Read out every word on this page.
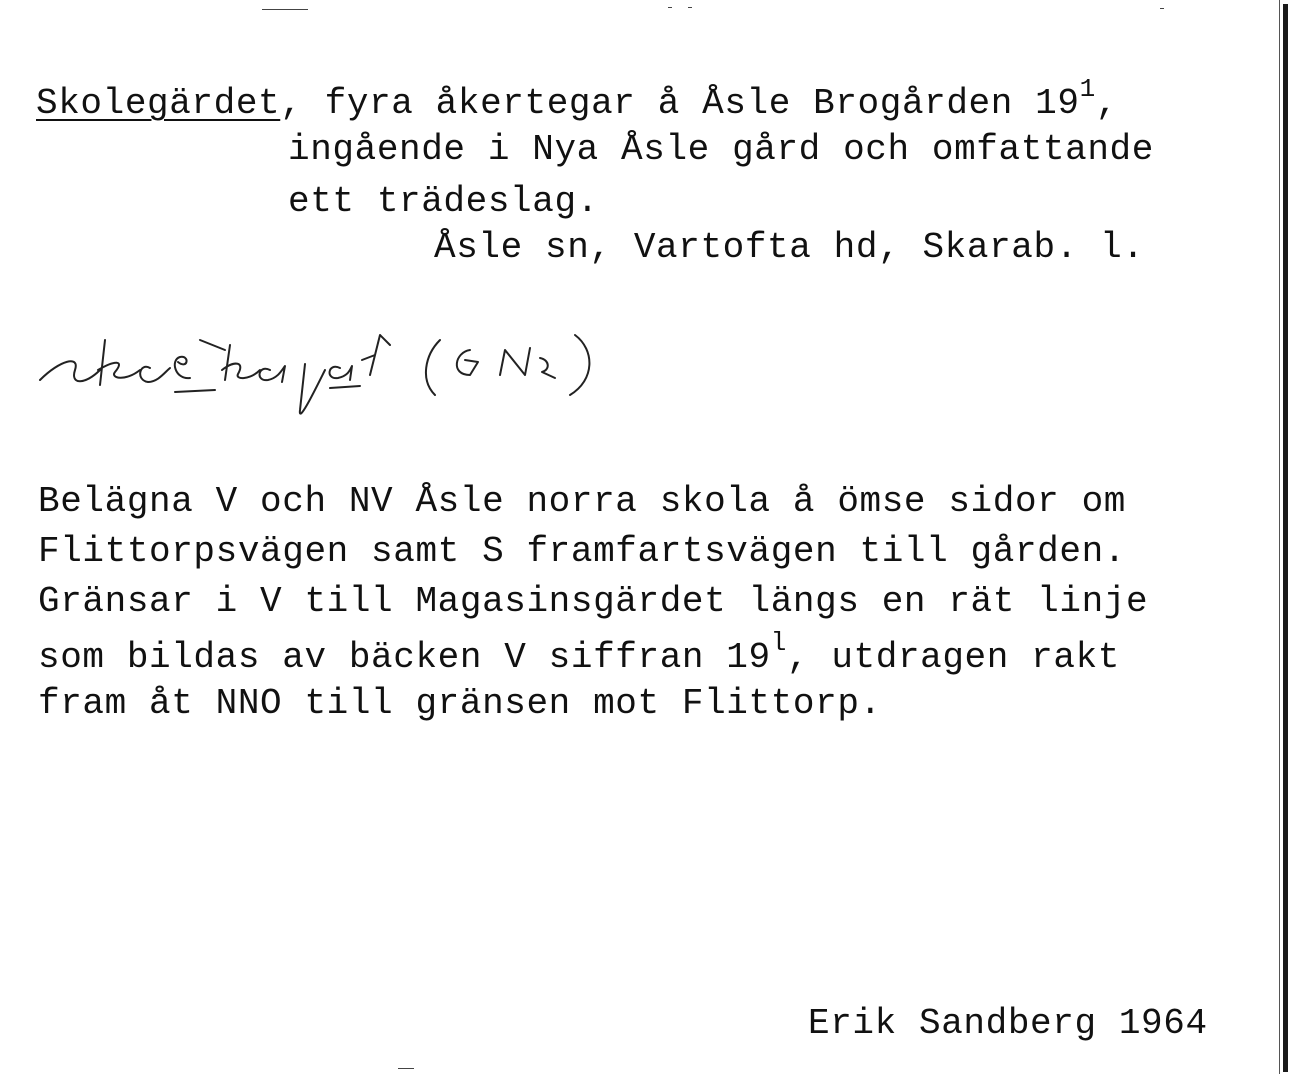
Skolegärdet, fyra åkertegar å Åsle Brogården $19^1$,
ingående i Nya Åsle gård och omfattande
ett trädeslag.
Åsle sn, Vartofta hd, Skarab. l.
Belägna V och NV Åsle norra skola å ömse sidor om
Flittorpsvägen samt S framfartsvägen till gården.
Gränsar i V till Magasinsgärdet längs en rät linje
som bildas av bäcken V siffran 19$^l$, utdragen rakt
fram åt NNO till gränsen mot Flittorp.
Erik Sandberg 1964
